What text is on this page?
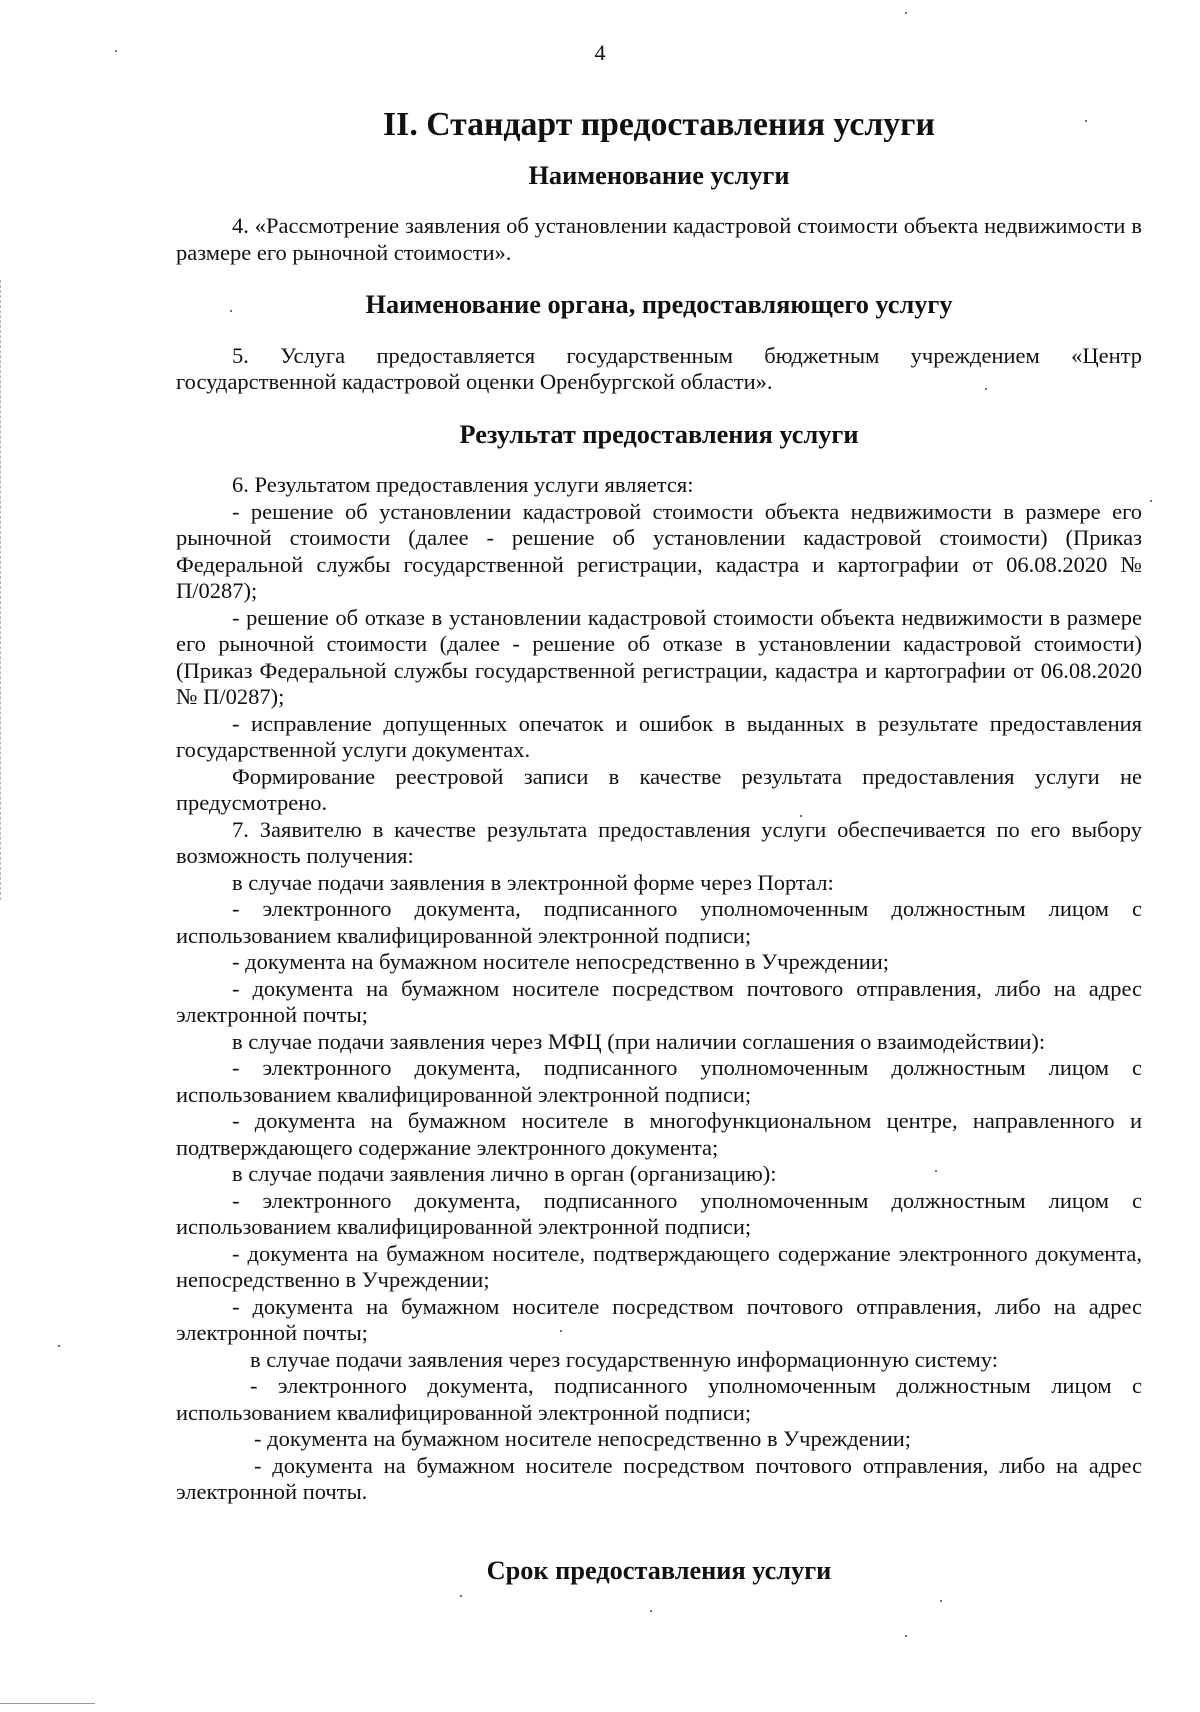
4
II. Стандарт предоставления услуги
Наименование услуги

4. «Рассмотрение заявления об установлении кадастровой стоимости объекта недвижимости в размере его рыночной стоимости».

Наименование органа, предоставляющего услугу

5. Услуга предоставляется государственным бюджетным учреждением «Центр государственной кадастровой оценки Оренбургской области».

Результат предоставления услуги

6. Результатом предоставления услуги является:

- решение об установлении кадастровой стоимости объекта недвижимости в размере его рыночной стоимости (далее - решение об установлении кадастровой стоимости) (Приказ Федеральной службы государственной регистрации, кадастра и картографии от 06.08.2020 № П/0287);

- решение об отказе в установлении кадастровой стоимости объекта недвижимости в размере его рыночной стоимости (далее - решение об отказе в установлении кадастровой стоимости) (Приказ Федеральной службы государственной регистрации, кадастра и картографии от 06.08.2020 № П/0287);

- исправление допущенных опечаток и ошибок в выданных в результате предоставления государственной услуги документах.

Формирование реестровой записи в качестве результата предоставления услуги не предусмотрено.

7. Заявителю в качестве результата предоставления услуги обеспечивается по его выбору возможность получения:

в случае подачи заявления в электронной форме через Портал:

- электронного документа, подписанного уполномоченным должностным лицом с использованием квалифицированной электронной подписи;

- документа на бумажном носителе непосредственно в Учреждении;

- документа на бумажном носителе посредством почтового отправления, либо на адрес электронной почты;

в случае подачи заявления через МФЦ (при наличии соглашения о взаимодействии):

- электронного документа, подписанного уполномоченным должностным лицом с использованием квалифицированной электронной подписи;

- документа на бумажном носителе в многофункциональном центре, направленного и подтверждающего содержание электронного документа;

в случае подачи заявления лично в орган (организацию):

- электронного документа, подписанного уполномоченным должностным лицом с использованием квалифицированной электронной подписи;

- документа на бумажном носителе, подтверждающего содержание электронного документа, непосредственно в Учреждении;

- документа на бумажном носителе посредством почтового отправления, либо на адрес электронной почты;

в случае подачи заявления через государственную информационную систему:

- электронного документа, подписанного уполномоченным должностным лицом с использованием квалифицированной электронной подписи;

- документа на бумажном носителе непосредственно в Учреждении;

- документа на бумажном носителе посредством почтового отправления, либо на адрес электронной почты.

Срок предоставления услуги
